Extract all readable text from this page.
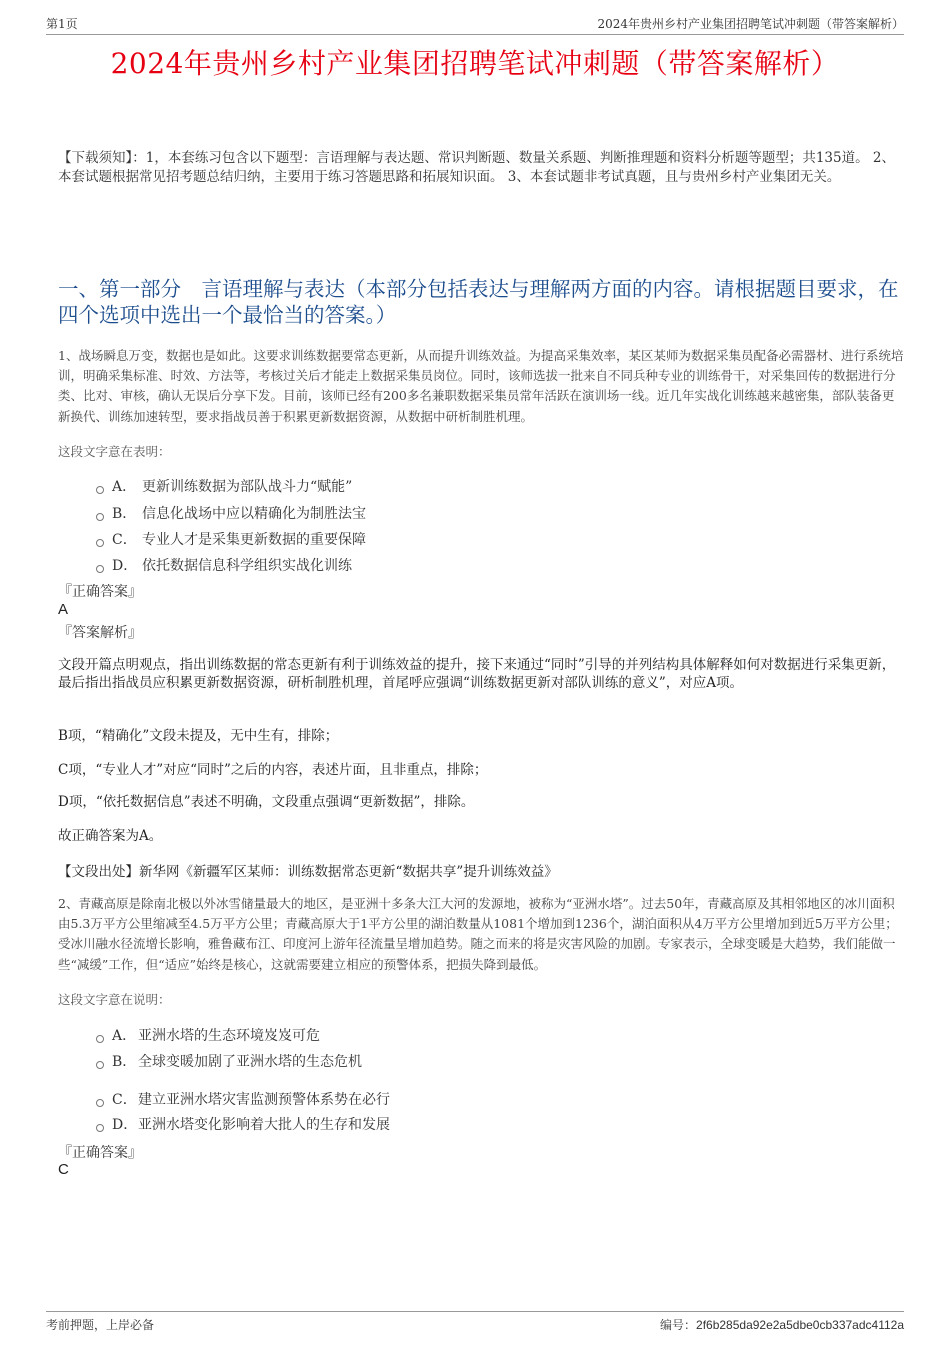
第1页	2024年贵州乡村产业集团招聘笔试冲刺题（带答案解析）
2024年贵州乡村产业集团招聘笔试冲刺题（带答案解析）
【下载须知】：1，本套练习包含以下题型：言语理解与表达题、常识判断题、数量关系题、判断推理题和资料分析题等题型；共135道。 2、本套试题根据常见招考题总结归纳，主要用于练习答题思路和拓展知识面。 3、本套试题非考试真题，且与贵州乡村产业集团无关。
一、第一部分　言语理解与表达（本部分包括表达与理解两方面的内容。请根据题目要求，在四个选项中选出一个最恰当的答案。）
1、战场瞬息万变，数据也是如此。这要求训练数据要常态更新，从而提升训练效益。为提高采集效率，某区某师为数据采集员配备必需器材、进行系统培训，明确采集标准、时效、方法等，考核过关后才能走上数据采集员岗位。同时，该师选拔一批来自不同兵种专业的训练骨干，对采集回传的数据进行分类、比对、审核，确认无误后分享下发。目前，该师已经有200多名兼职数据采集员常年活跃在演训场一线。近几年实战化训练越来越密集，部队装备更新换代、训练加速转型，要求指战员善于积累更新数据资源，从数据中研析制胜机理。
这段文字意在表明：
A． 更新训练数据为部队战斗力“赋能”
B． 信息化战场中应以精确化为制胜法宝
C． 专业人才是采集更新数据的重要保障
D． 依托数据信息科学组织实战化训练
『正确答案』
A
『答案解析』
文段开篇点明观点，指出训练数据的常态更新有利于训练效益的提升，接下来通过“同时”引导的并列结构具体解释如何对数据进行采集更新，最后指出指战员应积累更新数据资源，研析制胜机理，首尾呼应强调“训练数据更新对部队训练的意义”，对应A项。
B项，“精确化”文段未提及，无中生有，排除；
C项，“专业人才”对应“同时”之后的内容，表述片面，且非重点，排除；
D项，“依托数据信息”表述不明确，文段重点强调“更新数据”，排除。
故正确答案为A。
【文段出处】新华网《新疆军区某师：训练数据常态更新“数据共享”提升训练效益》
2、青藏高原是除南北极以外冰雪储量最大的地区，是亚洲十多条大江大河的发源地，被称为“亚洲水塔”。过去50年，青藏高原及其相邻地区的冰川面积由5.3万平方公里缩减至4.5万平方公里；青藏高原大于1平方公里的湖泊数量从1081个增加到1236个，湖泊面积从4万平方公里增加到近5万平方公里；受冰川融水径流增长影响，雅鲁藏布江、印度河上游年径流量呈增加趋势。随之而来的将是灾害风险的加剧。专家表示，全球变暖是大趋势，我们能做一些“减缓”工作，但“适应”始终是核心，这就需要建立相应的预警体系，把损失降到最低。
这段文字意在说明：
A． 亚洲水塔的生态环境岌岌可危
B． 全球变暖加剧了亚洲水塔的生态危机
C．建立亚洲水塔灾害监测预警体系势在必行
D．亚洲水塔变化影响着大批人的生存和发展
『正确答案』
C
考前押题，上岸必备	编号：2f6b285da92e2a5dbe0cb337adc4112a
